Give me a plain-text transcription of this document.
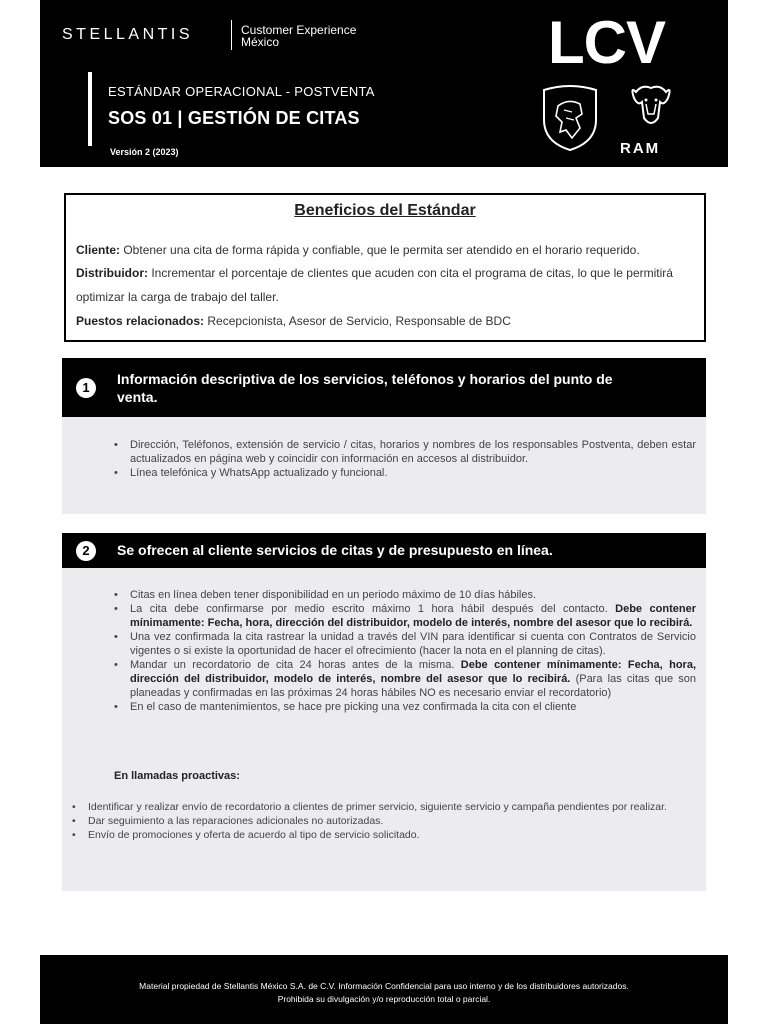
STELLANTIS	Customer Experience
México
ESTÁNDAR OPERACIONAL - POSTVENTA
SOS 01 | GESTIÓN DE CITAS
Versión 2 (2023)
LCV
RAM
Beneficios del Estándar
Cliente: Obtener una cita de forma rápida y confiable, que le permita ser atendido en el horario requerido.
Distribuidor: Incrementar el porcentaje de clientes que acuden con cita el programa de citas, lo que le permitirá
optimizar la carga de trabajo del taller.
Puestos relacionados: Recepcionista, Asesor de Servicio, Responsable de BDC
1
Información descriptiva de los servicios, teléfonos y horarios del punto de
venta.
• Dirección, Teléfonos, extensión de servicio / citas, horarios y nombres de los responsables Postventa, deben estar actualizados en página web y coincidir con información en accesos al distribuidor.
• Línea telefónica y WhatsApp actualizado y funcional.
2	Se ofrecen al cliente servicios de citas y de presupuesto en línea.
• Citas en línea deben tener disponibilidad en un periodo máximo de 10 días hábiles.
• La cita debe confirmarse por medio escrito máximo 1 hora hábil después del contacto. Debe contener mínimamente: Fecha, hora, dirección del distribuidor, modelo de interés, nombre del asesor que lo recibirá.
• Una vez confirmada la cita rastrear la unidad a través del VIN para identificar si cuenta con Contratos de Servicio vigentes o si existe la oportunidad de hacer el ofrecimiento (hacer la nota en el planning de citas).
• Mandar un recordatorio de cita 24 horas antes de la misma. Debe contener mínimamente: Fecha, hora, dirección del distribuidor, modelo de interés, nombre del asesor que lo recibirá. (Para las citas que son planeadas y confirmadas en las próximas 24 horas hábiles NO es necesario enviar el recordatorio)
• En el caso de mantenimientos, se hace pre picking una vez confirmada la cita con el cliente
En llamadas proactivas:
• Identificar y realizar envío de recordatorio a clientes de primer servicio, siguiente servicio y campaña pendientes por realizar.
• Dar seguimiento a las reparaciones adicionales no autorizadas.
• Envío de promociones y oferta de acuerdo al tipo de servicio solicitado.

Material propiedad de Stellantis México S.A. de C.V. Información Confidencial para uso interno y de los distribuidores autorizados.

Prohibida su divulgación y/o reproducción total o parcial.
